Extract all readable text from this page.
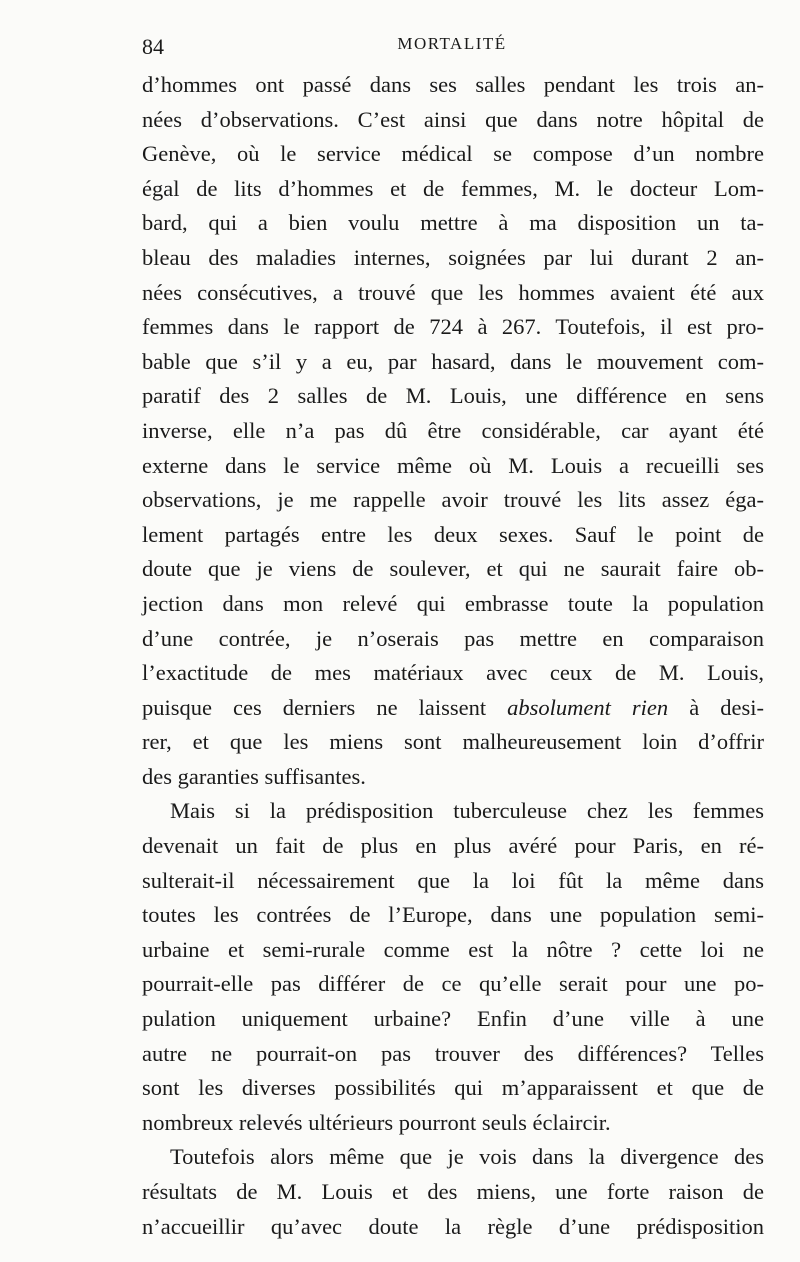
84	MORTALITÉ
d’hommes ont passé dans ses salles pendant les trois an-
nées d’observations. C’est ainsi que dans notre hôpital de
Genève, où le service médical se compose d’un nombre
égal de lits d’hommes et de femmes, M. le docteur Lom-
bard, qui a bien voulu mettre à ma disposition un ta-
bleau des maladies internes, soignées par lui durant 2 an-
nées consécutives, a trouvé que les hommes avaient été aux
femmes dans le rapport de 724 à 267. Toutefois, il est pro-
bable que s’il y a eu, par hasard, dans le mouvement com-
paratif des 2 salles de M. Louis, une différence en sens
inverse, elle n’a pas dû être considérable, car ayant été
externe dans le service même où M. Louis a recueilli ses
observations, je me rappelle avoir trouvé les lits assez éga-
lement partagés entre les deux sexes. Sauf le point de
doute que je viens de soulever, et qui ne saurait faire ob-
jection dans mon relevé qui embrasse toute la population
d’une contrée, je n’oserais pas mettre en comparaison
l’exactitude de mes matériaux avec ceux de M. Louis,
puisque ces derniers ne laissent absolument rien à desi-
rer, et que les miens sont malheureusement loin d’offrir
des garanties suffisantes.
Mais si la prédisposition tuberculeuse chez les femmes
devenait un fait de plus en plus avéré pour Paris, en ré-
sulterait-il nécessairement que la loi fût la même dans
toutes les contrées de l’Europe, dans une population semi-
urbaine et semi-rurale comme est la nôtre ? cette loi ne
pourrait-elle pas différer de ce qu’elle serait pour une po-
pulation uniquement urbaine? Enfin d’une ville à une
autre ne pourrait-on pas trouver des différences? Telles
sont les diverses possibilités qui m’apparaissent et que de
nombreux relevés ultérieurs pourront seuls éclaircir.
Toutefois alors même que je vois dans la divergence des
résultats de M. Louis et des miens, une forte raison de
n’accueillir qu’avec doute la règle d’une prédisposition
